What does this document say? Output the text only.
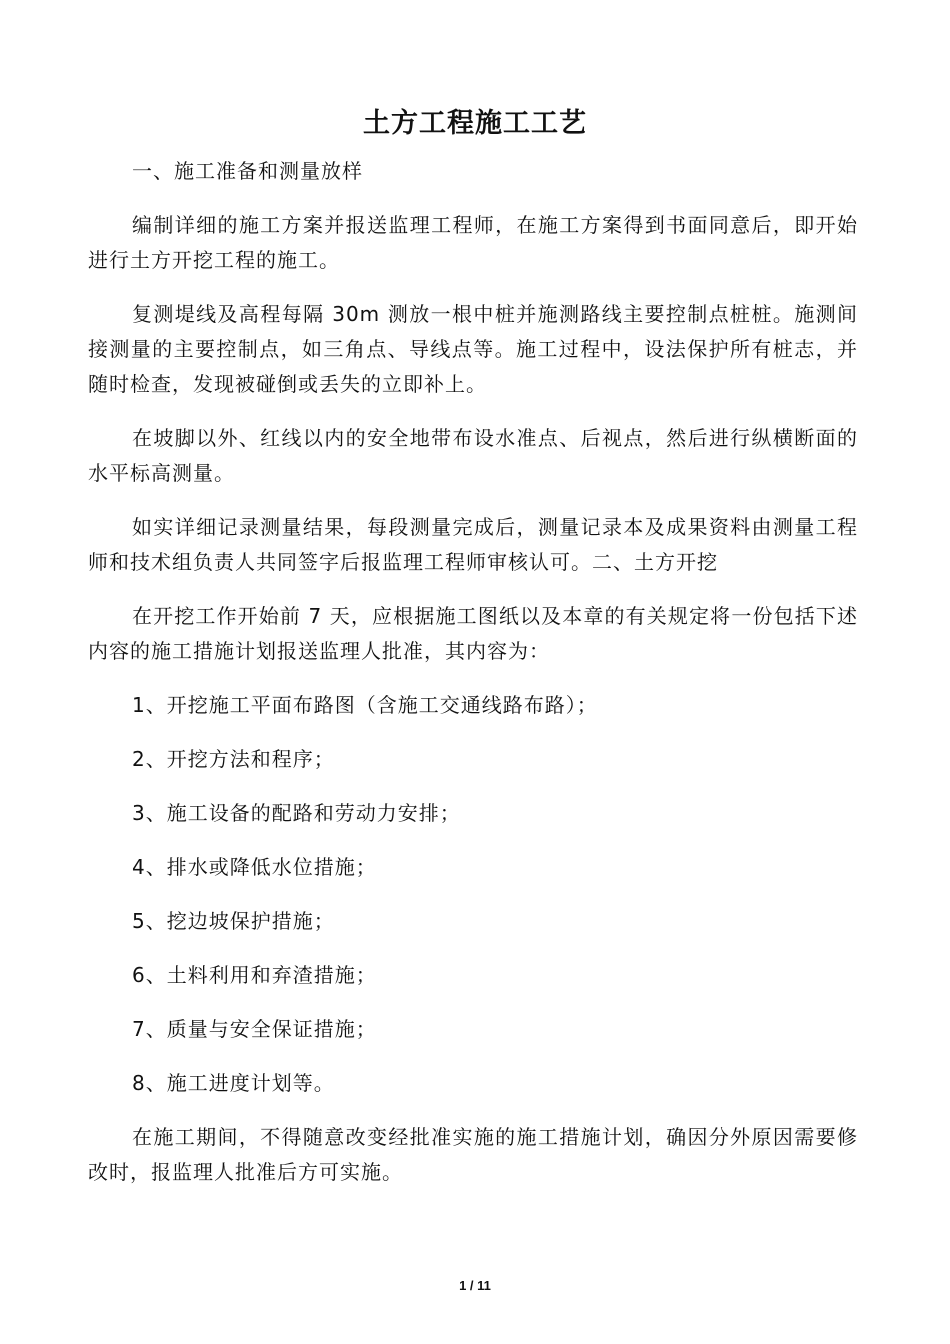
土方工程施工工艺

一、施工准备和测量放样

编制详细的施工方案并报送监理工程师，在施工方案得到书面同意后，即开始进行土方开挖工程的施工。

复测堤线及高程每隔 30m 测放一根中桩并施测路线主要控制点桩桩。施测间接测量的主要控制点，如三角点、导线点等。施工过程中，设法保护所有桩志，并随时检查，发现被碰倒或丢失的立即补上。

在坡脚以外、红线以内的安全地带布设水准点、后视点，然后进行纵横断面的水平标高测量。

如实详细记录测量结果，每段测量完成后，测量记录本及成果资料由测量工程师和技术组负责人共同签字后报监理工程师审核认可。二、土方开挖

在开挖工作开始前 7 天，应根据施工图纸以及本章的有关规定将一份包括下述内容的施工措施计划报送监理人批准，其内容为：

1、开挖施工平面布路图（含施工交通线路布路）；
2、开挖方法和程序；
3、施工设备的配路和劳动力安排；
4、排水或降低水位措施；
5、挖边坡保护措施；
6、土料利用和弃渣措施；
7、质量与安全保证措施；
8、施工进度计划等。

在施工期间，不得随意改变经批准实施的施工措施计划，确因分外原因需要修改时，报监理人批准后方可实施。

1 / 11
